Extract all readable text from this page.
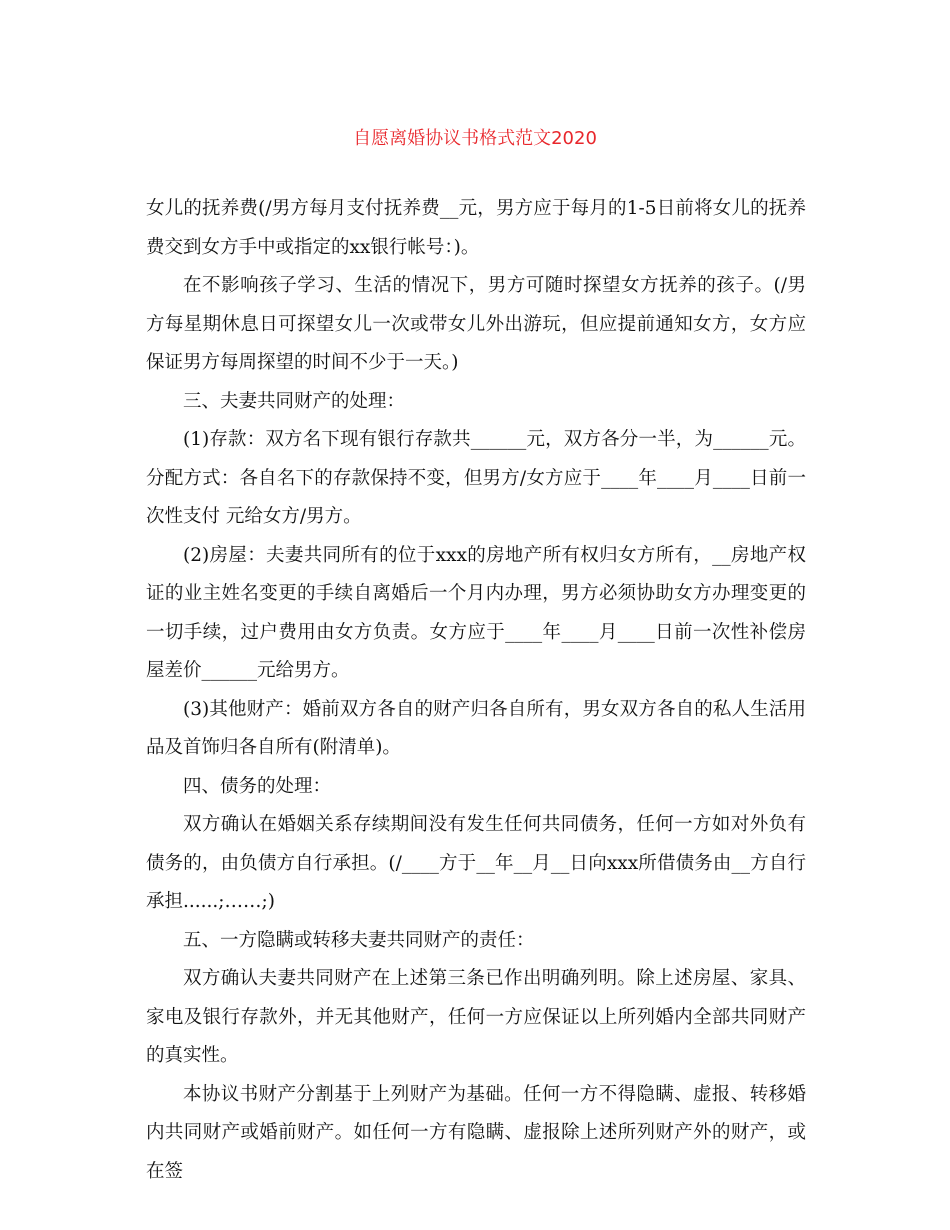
自愿离婚协议书格式范文2020

女儿的抚养费(/男方每月支付抚养费__元，男方应于每月的1-5日前将女儿的抚养费交到女方手中或指定的xx银行帐号：)。

在不影响孩子学习、生活的情况下，男方可随时探望女方抚养的孩子。(/男方每星期休息日可探望女儿一次或带女儿外出游玩，但应提前通知女方，女方应保证男方每周探望的时间不少于一天。)

三、夫妻共同财产的处理：

(1)存款：双方名下现有银行存款共______元，双方各分一半，为______元。分配方式：各自名下的存款保持不变，但男方/女方应于____年____月____日前一次性支付 元给女方/男方。

(2)房屋：夫妻共同所有的位于xxx的房地产所有权归女方所有，__房地产权证的业主姓名变更的手续自离婚后一个月内办理，男方必须协助女方办理变更的一切手续，过户费用由女方负责。女方应于____年____月____日前一次性补偿房屋差价______元给男方。

(3)其他财产：婚前双方各自的财产归各自所有，男女双方各自的私人生活用品及首饰归各自所有(附清单)。

四、债务的处理：

双方确认在婚姻关系存续期间没有发生任何共同债务，任何一方如对外负有债务的，由负债方自行承担。(/____方于__年__月__日向xxx所借债务由__方自行承担......;……;)

五、一方隐瞒或转移夫妻共同财产的责任：

双方确认夫妻共同财产在上述第三条已作出明确列明。除上述房屋、家具、家电及银行存款外，并无其他财产，任何一方应保证以上所列婚内全部共同财产的真实性。

本协议书财产分割基于上列财产为基础。任何一方不得隐瞒、虚报、转移婚内共同财产或婚前财产。如任何一方有隐瞒、虚报除上述所列财产外的财产，或在签
